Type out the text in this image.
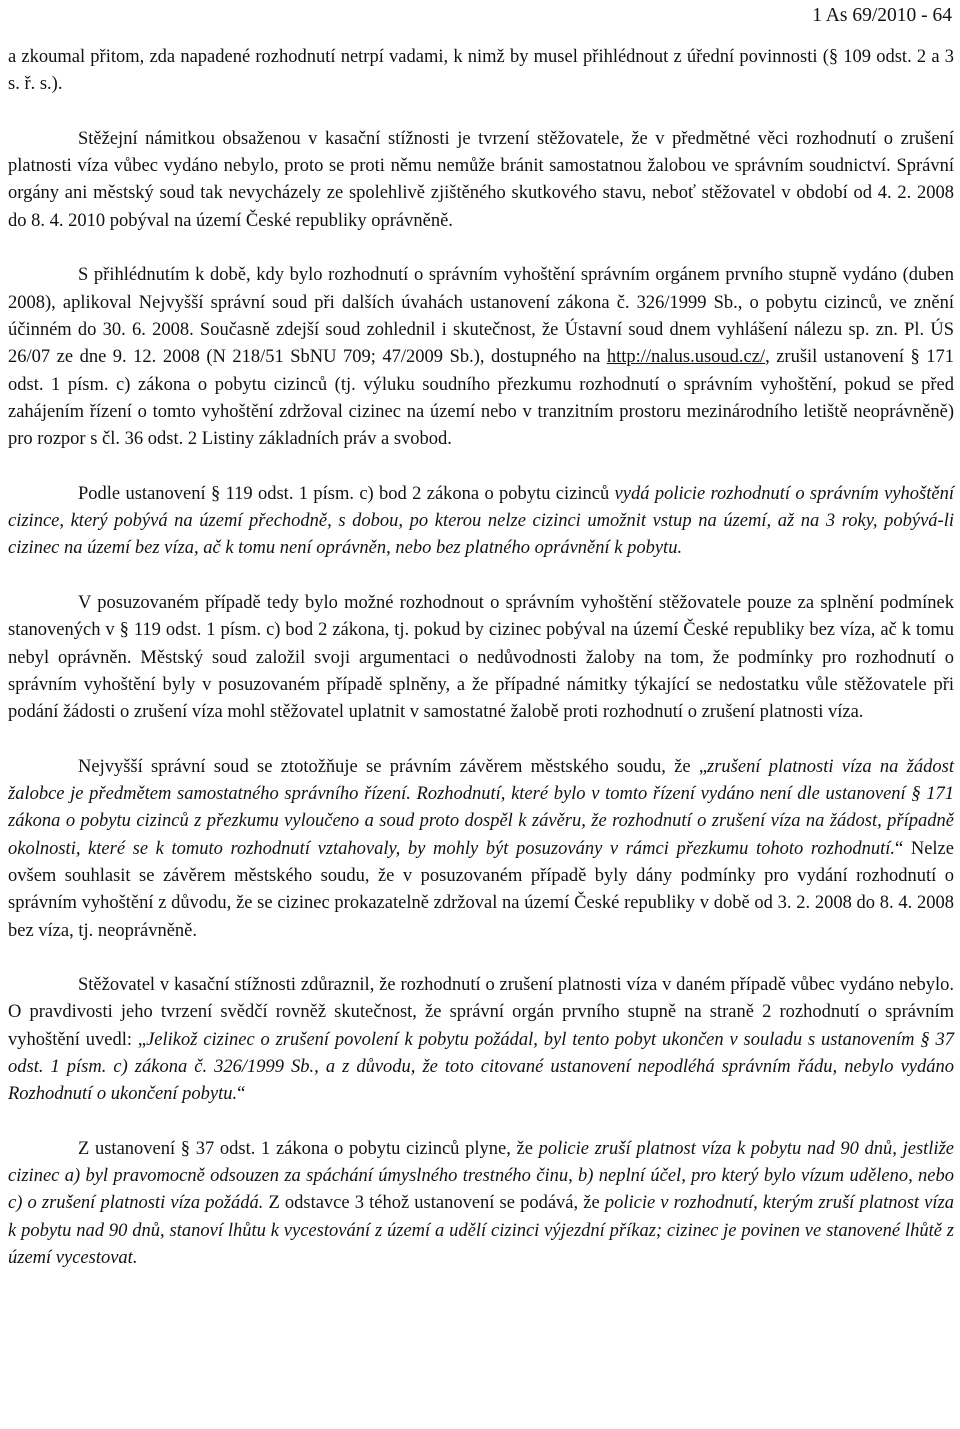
1 As 69/2010 - 64

a zkoumal přitom, zda napadené rozhodnutí netrpí vadami, k nimž by musel přihlédnout z úřední povinnosti (§ 109 odst. 2 a 3 s. ř. s.).

Stěžejní námitkou obsaženou v kasační stížnosti je tvrzení stěžovatele, že v předmětné věci rozhodnutí o zrušení platnosti víza vůbec vydáno nebylo, proto se proti němu nemůže bránit samostatnou žalobou ve správním soudnictví. Správní orgány ani městský soud tak nevycházely ze spolehlivě zjištěného skutkového stavu, neboť stěžovatel v období od 4. 2. 2008 do 8. 4. 2010 pobýval na území České republiky oprávněně.

S přihlédnutím k době, kdy bylo rozhodnutí o správním vyhoštění správním orgánem prvního stupně vydáno (duben 2008), aplikoval Nejvyšší správní soud při dalších úvahách ustanovení zákona č. 326/1999 Sb., o pobytu cizinců, ve znění účinném do 30. 6. 2008. Současně zdejší soud zohlednil i skutečnost, že Ústavní soud dnem vyhlášení nálezu sp. zn. Pl. ÚS 26/07 ze dne 9. 12. 2008 (N 218/51 SbNU 709; 47/2009 Sb.), dostupného na http://nalus.usoud.cz/, zrušil ustanovení § 171 odst. 1 písm. c) zákona o pobytu cizinců (tj. výluku soudního přezkumu rozhodnutí o správním vyhoštění, pokud se před zahájením řízení o tomto vyhoštění zdržoval cizinec na území nebo v tranzitním prostoru mezinárodního letiště neoprávněně) pro rozpor s čl. 36 odst. 2 Listiny základních práv a svobod.

Podle ustanovení § 119 odst. 1 písm. c) bod 2 zákona o pobytu cizinců vydá policie rozhodnutí o správním vyhoštění cizince, který pobývá na území přechodně, s dobou, po kterou nelze cizinci umožnit vstup na území, až na 3 roky, pobývá-li cizinec na území bez víza, ač k tomu není oprávněn, nebo bez platného oprávnění k pobytu.

V posuzovaném případě tedy bylo možné rozhodnout o správním vyhoštění stěžovatele pouze za splnění podmínek stanovených v § 119 odst. 1 písm. c) bod 2 zákona, tj. pokud by cizinec pobýval na území České republiky bez víza, ač k tomu nebyl oprávněn. Městský soud založil svoji argumentaci o nedůvodnosti žaloby na tom, že podmínky pro rozhodnutí o správním vyhoštění byly v posuzovaném případě splněny, a že případné námitky týkající se nedostatku vůle stěžovatele při podání žádosti o zrušení víza mohl stěžovatel uplatnit v samostatné žalobě proti rozhodnutí o zrušení platnosti víza.

Nejvyšší správní soud se ztotožňuje se právním závěrem městského soudu, že „zrušení platnosti víza na žádost žalobce je předmětem samostatného správního řízení. Rozhodnutí, které bylo v tomto řízení vydáno není dle ustanovení § 171 zákona o pobytu cizinců z přezkumu vyloučeno a soud proto dospěl k závěru, že rozhodnutí o zrušení víza na žádost, případně okolnosti, které se k tomuto rozhodnutí vztahovaly, by mohly být posuzovány v rámci přezkumu tohoto rozhodnutí.“ Nelze ovšem souhlasit se závěrem městského soudu, že v posuzovaném případě byly dány podmínky pro vydání rozhodnutí o správním vyhoštění z důvodu, že se cizinec prokazatelně zdržoval na území České republiky v době od 3. 2. 2008 do 8. 4. 2008 bez víza, tj. neoprávněně.

Stěžovatel v kasační stížnosti zdůraznil, že rozhodnutí o zrušení platnosti víza v daném případě vůbec vydáno nebylo. O pravdivosti jeho tvrzení svědčí rovněž skutečnost, že správní orgán prvního stupně na straně 2 rozhodnutí o správním vyhoštění uvedl: „Jelikož cizinec o zrušení povolení k pobytu požádal, byl tento pobyt ukončen v souladu s ustanovením § 37 odst. 1 písm. c) zákona č. 326/1999 Sb., a z důvodu, že toto citované ustanovení nepodléhá správním řádu, nebylo vydáno Rozhodnutí o ukončení pobytu.“

Z ustanovení § 37 odst. 1 zákona o pobytu cizinců plyne, že policie zruší platnost víza k pobytu nad 90 dnů, jestliže cizinec a) byl pravomocně odsouzen za spáchání úmyslného trestného činu, b) neplní účel, pro který bylo vízum uděleno, nebo c) o zrušení platnosti víza požádá. Z odstavce 3 téhož ustanovení se podává, že policie v rozhodnutí, kterým zruší platnost víza k pobytu nad 90 dnů, stanoví lhůtu k vycestování z území a udělí cizinci výjezdní příkaz; cizinec je povinen ve stanovené lhůtě z území vycestovat.
